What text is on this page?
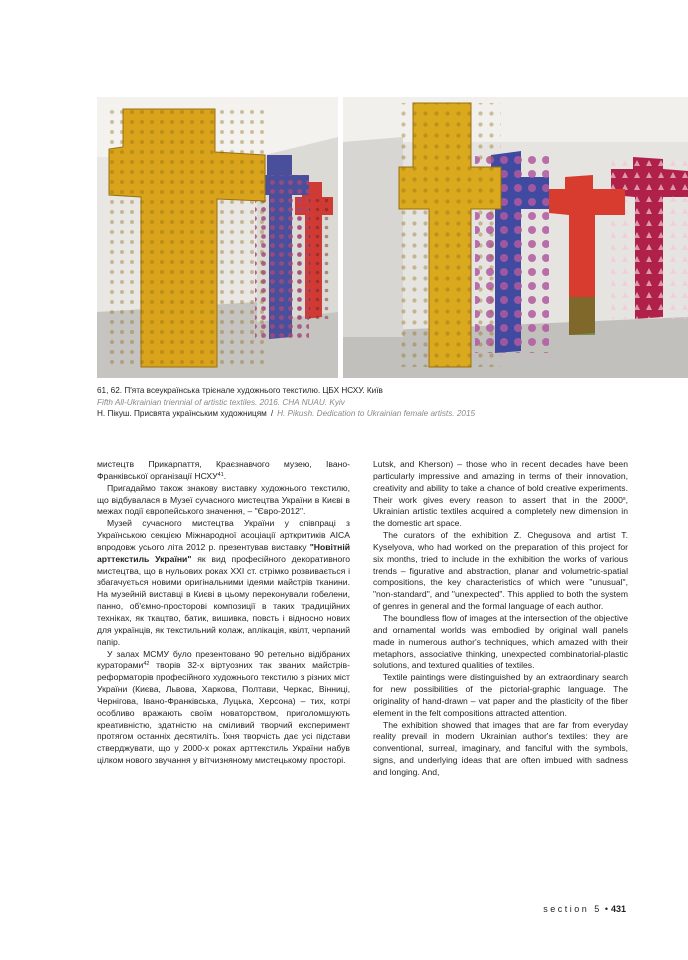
61, 62. П'ята всеукраїнська трієнале художнього текстилю. ЦБХ НСХУ. Київ
Fifth All-Ukrainian triennial of artistic textiles. 2016. CHA NUAU. Kyiv
Н. Пікуш. Присвята українським художницям / H. Pikush. Dedication to Ukrainian female artists. 2015

мистецтв Прикарпаття, Краєзнавчого музею, Івано-Франківської організації НСХУ$^{41}$.

Пригадаймо також знакову виставку художнього текстилю, що відбувалася в Музеї сучасного мистецтва України в Києві в межах події європейського значення, – "Євро-2012".

Музей сучасного мистецтва України у співпраці з Українською секцією Міжнародної асоціації арткритиків AICA впродовж усього літа 2012 р. презентував виставку "Новітній арттекстиль України" як вид професійного декоративного мистецтва, що в нульових роках XXI ст. стрімко розвивається і збагачується новими оригінальними ідеями майстрів тканини. На музейній виставці в Києві в цьому переконували гобелени, панно, об'ємно-просторові композиції в таких традиційних техніках, як ткацтво, батик, вишивка, повсть і відносно нових для українців, як текстильний колаж, аплікація, квілт, черпаний папір.

У залах МСМУ було презентовано 90 ретельно відібраних кураторами$^{42}$ творів 32-х віртуозних так званих майстрів-реформаторів професійного художнього текстилю з різних міст України (Києва, Львова, Харкова, Полтави, Черкас, Вінниці, Чернігова, Івано-Франківська, Луцька, Херсона) – тих, котрі особливо вражають своїм новаторством, приголомшують креативністю, здатністю на сміливий творчий експеримент протягом останніх десятиліть. Їхня творчість дає усі підстави стверджувати, що у 2000-х роках арттекстиль України набув цілком нового звучання у вітчизняному мистецькому просторі.

Lutsk, and Kherson) – those who in recent decades have been particularly impressive and amazing in terms of their innovation, creativity and ability to take a chance of bold creative experiments. Their work gives every reason to assert that in the 2000$^s$, Ukrainian artistic textiles acquired a completely new dimension in the domestic art space.

The curators of the exhibition Z. Chegusova and artist T. Kyselyova, who had worked on the preparation of this project for six months, tried to include in the exhibition the works of various trends – figurative and abstraction, planar and volumetric-spatial compositions, the key characteristics of which were "unusual", "non-standard", and "unexpected". This applied to both the system of genres in general and the formal language of each author.

The boundless flow of images at the intersection of the objective and ornamental worlds was embodied by original wall panels made in numerous author's techniques, which amazed with their metaphors, associative thinking, unexpected combinatorial-plastic solutions, and textured qualities of textiles.

Textile paintings were distinguished by an extraordinary search for new possibilities of the pictorial-graphic language. The originality of hand-drawn – vat paper and the plasticity of the fiber element in the felt compositions attracted attention.

The exhibition showed that images that are far from everyday reality prevail in modern Ukrainian author's textiles: they are conventional, surreal, imaginary, and fanciful with the symbols, signs, and underlying ideas that are often imbued with sadness and longing. And,

section 5 • 431
